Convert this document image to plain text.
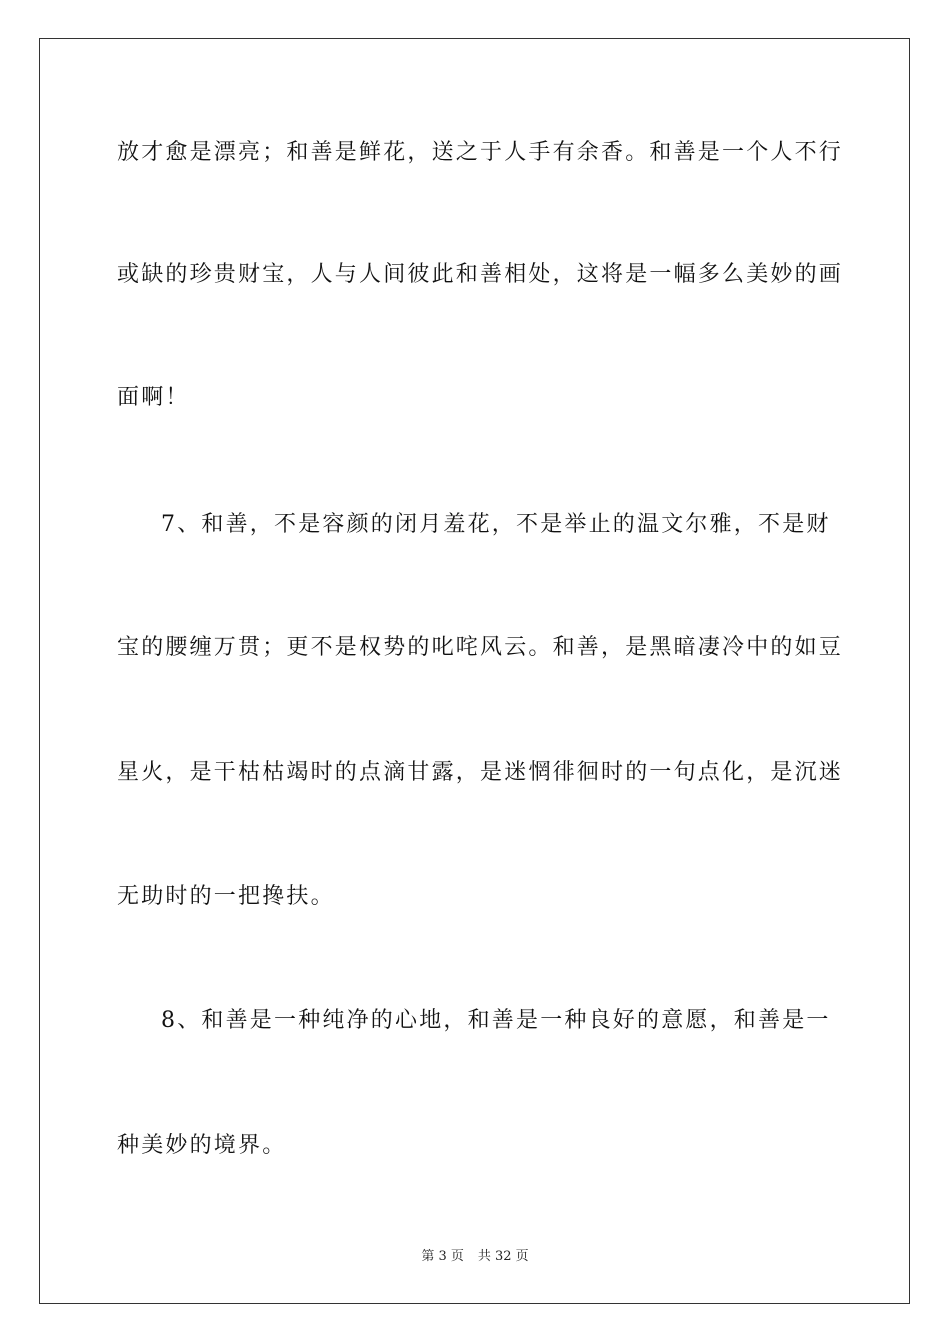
放才愈是漂亮；和善是鲜花，送之于人手有余香。和善是一个人不行
或缺的珍贵财宝，人与人间彼此和善相处，这将是一幅多么美妙的画
面啊！
7、和善，不是容颜的闭月羞花，不是举止的温文尔雅，不是财
宝的腰缠万贯；更不是权势的叱咤风云。和善，是黑暗凄冷中的如豆
星火，是干枯枯竭时的点滴甘露，是迷惘徘徊时的一句点化，是沉迷
无助时的一把搀扶。
8、和善是一种纯净的心地，和善是一种良好的意愿，和善是一
种美妙的境界。
第 3 页 共 32 页
